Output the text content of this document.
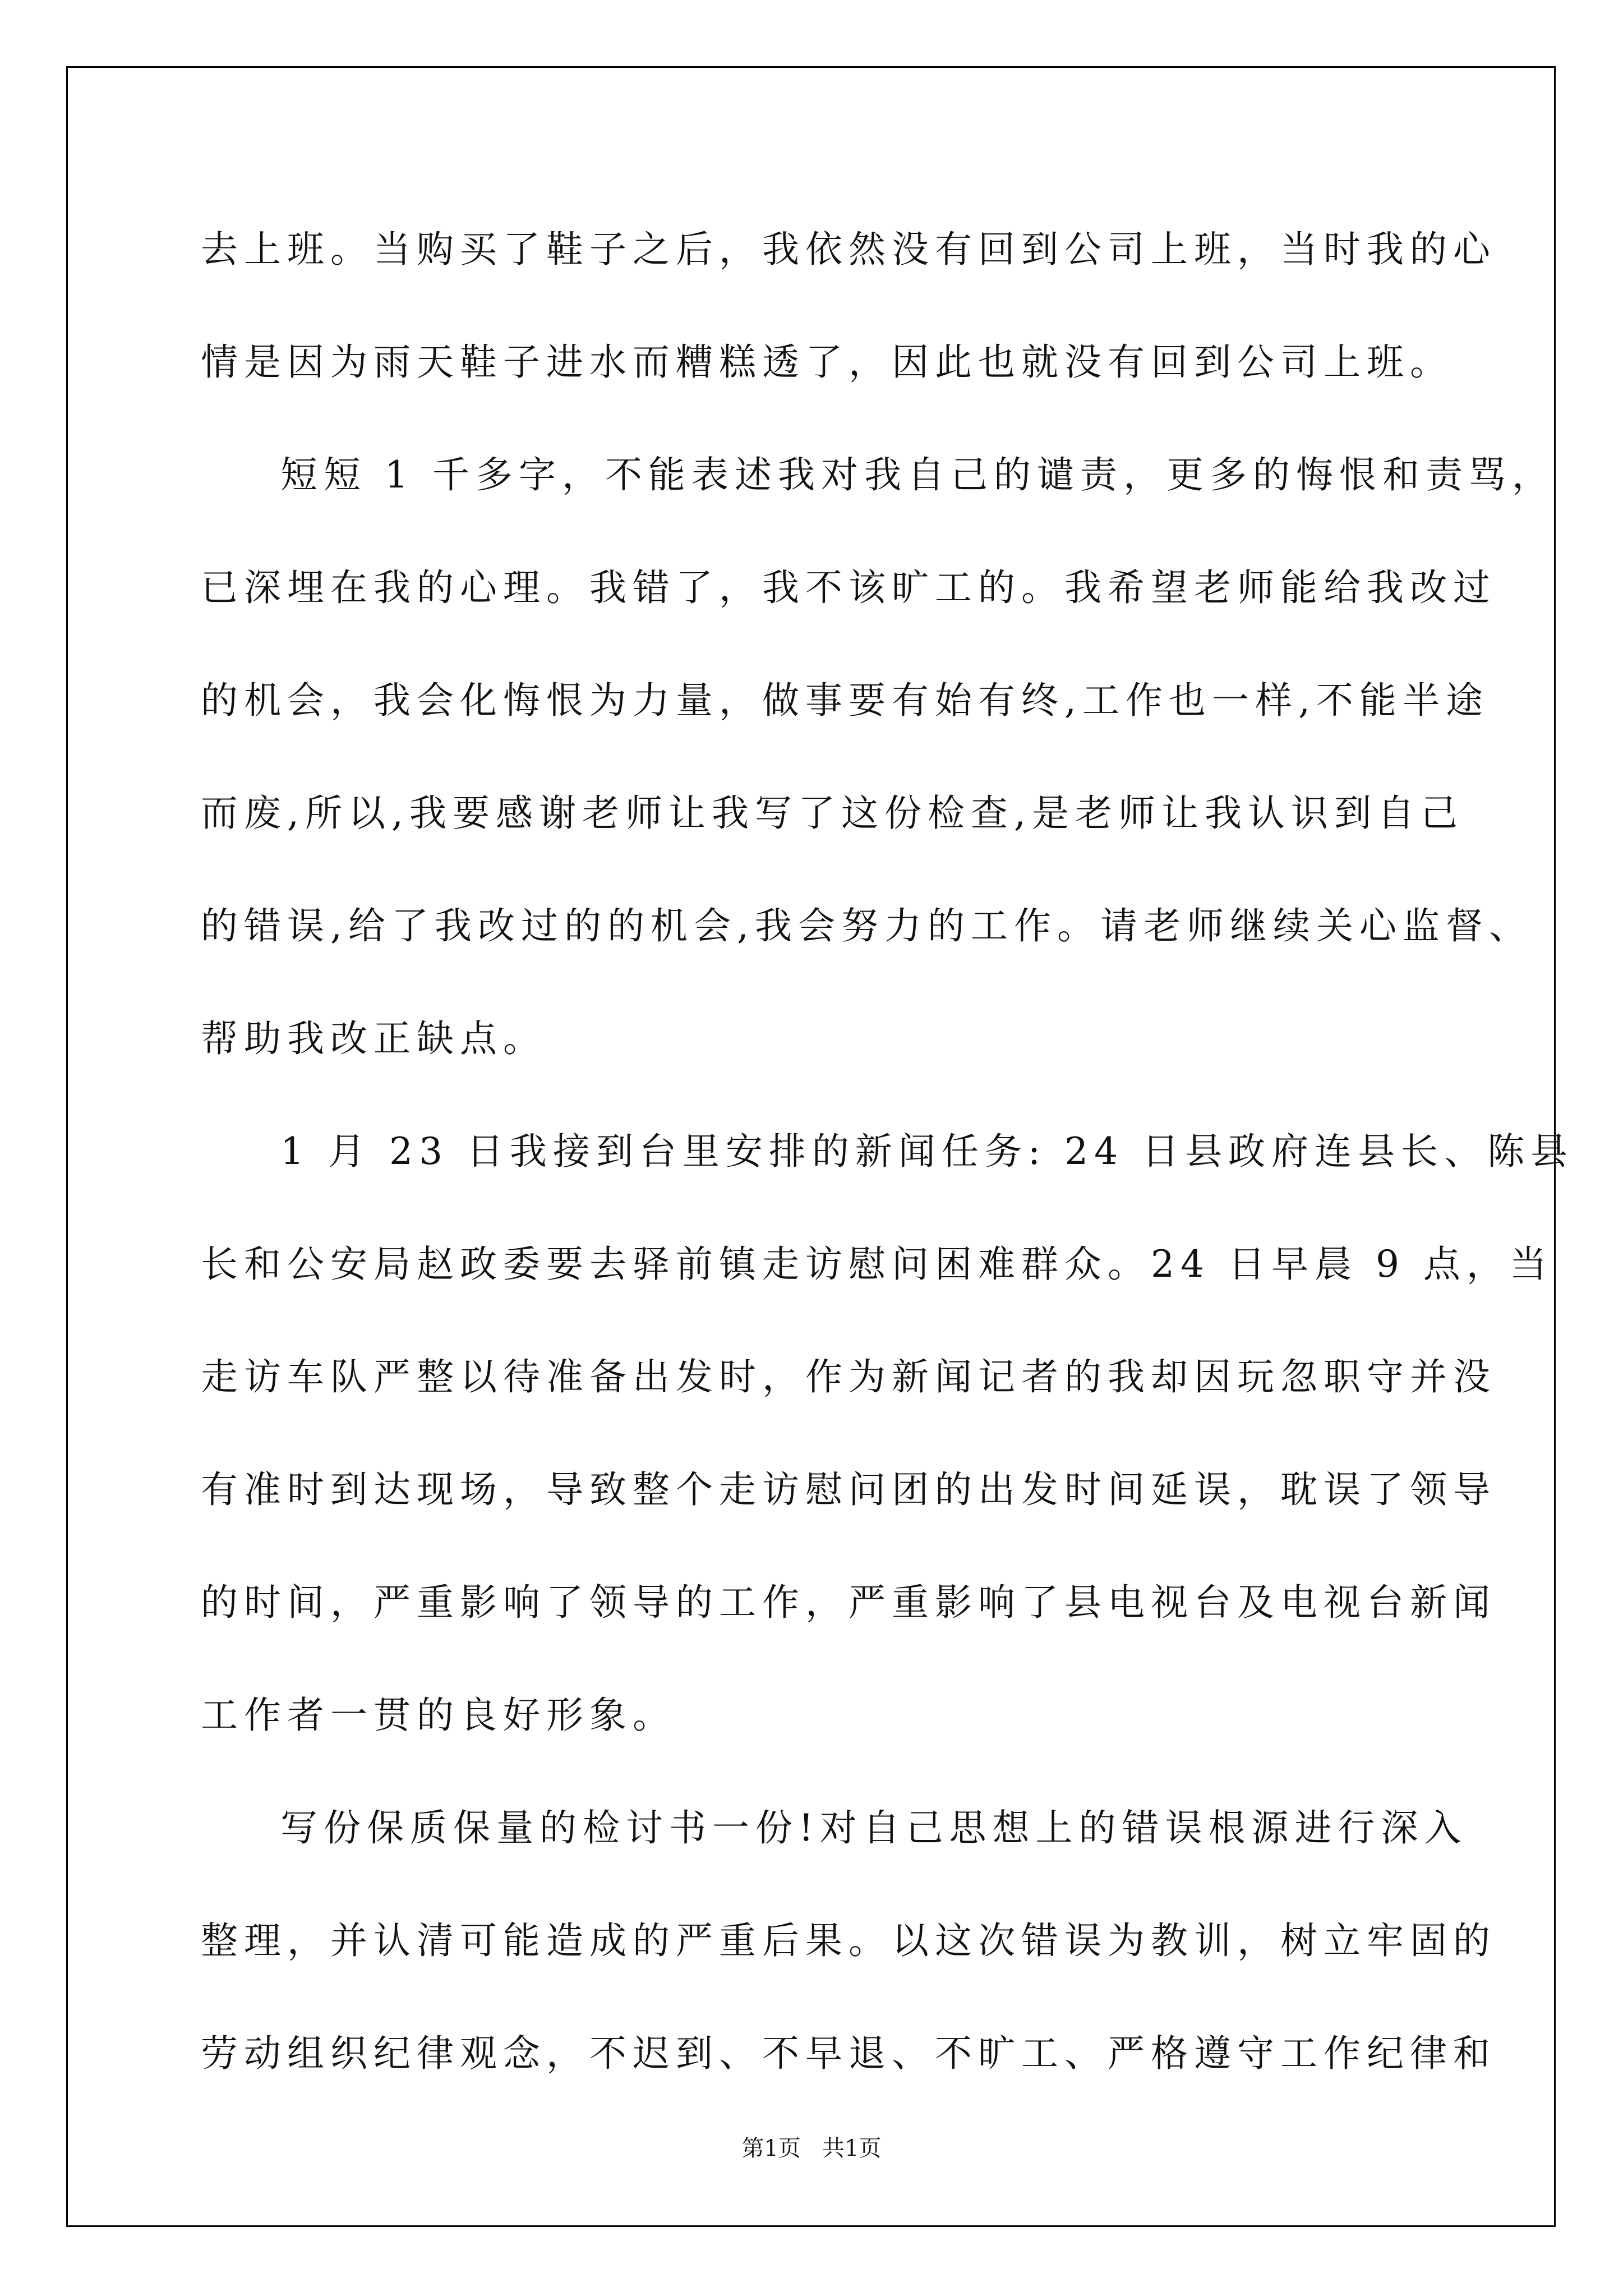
去上班。当购买了鞋子之后，我依然没有回到公司上班，当时我的心
情是因为雨天鞋子进水而糟糕透了，因此也就没有回到公司上班。
短短 1 千多字，不能表述我对我自己的谴责，更多的悔恨和责骂，
已深埋在我的心理。我错了，我不该旷工的。我希望老师能给我改过
的机会，我会化悔恨为力量，做事要有始有终,工作也一样,不能半途
而废,所以,我要感谢老师让我写了这份检查,是老师让我认识到自己
的错误,给了我改过的的机会,我会努力的工作。请老师继续关心监督、
帮助我改正缺点。
1 月 23 日我接到台里安排的新闻任务: 24 日县政府连县长、陈县
长和公安局赵政委要去驿前镇走访慰问困难群众。24 日早晨 9 点，当
走访车队严整以待准备出发时，作为新闻记者的我却因玩忽职守并没
有准时到达现场，导致整个走访慰问团的出发时间延误，耽误了领导
的时间，严重影响了领导的工作，严重影响了县电视台及电视台新闻
工作者一贯的良好形象。
写份保质保量的检讨书一份!对自己思想上的错误根源进行深入
整理，并认清可能造成的严重后果。以这次错误为教训，树立牢固的
劳动组织纪律观念，不迟到、不早退、不旷工、严格遵守工作纪律和
第1页   共1页
